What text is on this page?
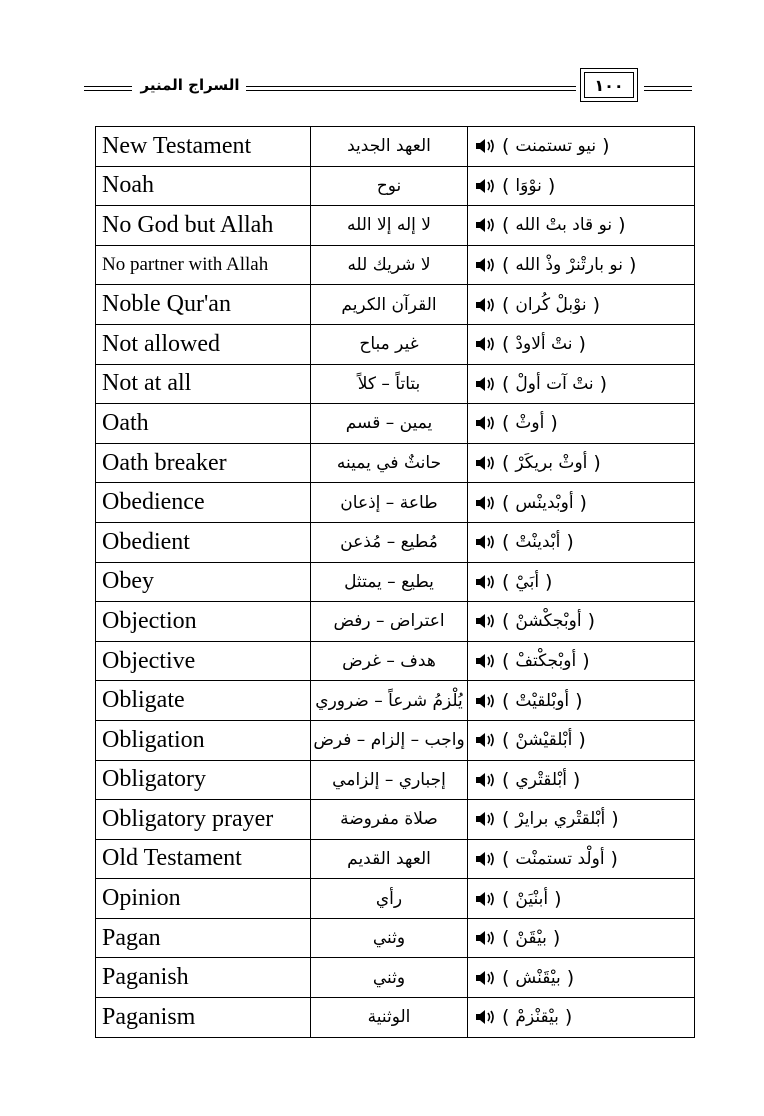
السراج المنير	١٠٠
New Testament	العهد الجديد	( نيو تستمنت )

Noah	نوح	( نوْوَا )

No God but Allah	لا إله إلا الله	( نو قاد بتْ الله )

No partner with Allah	لا شريك لله	( نو بارتْنرْ وذْ الله )

Noble Qur'an	القرآن الكريم	( نوْبلْ كُران )

Not allowed	غير مباح	( نتْ ألاودْ )

Not at all	بتاتاً – كلاً	( نتْ آت أولْ )

Oath	يمين – قسم	( أوثْ )

Oath breaker	حانثٌ في يمينه	( أوثْ بريكَرْ )

Obedience	طاعة – إذعان	( أوبْدينْس )

Obedient	مُطيع – مُذعن	( أبْدينْتْ )

Obey	يطيع – يمتثل	( أبَيْ )

Objection	اعتراض – رفض	( أوبْجكْشنْ )

Objective	هدف – غرض	( أوبْجكْتفْ )

Obligate	يُلْزمُ شرعاً – ضروري	( أوبْلقيْتْ )

Obligation	واجب – إلزام – فرض	( أبْلقيْشنْ )

Obligatory	إجباري – إلزامي	( أبْلقتْري )

Obligatory prayer	صلاة مفروضة	( أبْلقتْري برايرْ )

Old Testament	العهد القديم	( أولْد تستمنْت )

Opinion	رأي	( أبنْيَنْ )

Pagan	وثني	( بيْقَنْ )

Paganish	وثني	( بيْقَنْش )

Paganism	الوثنية	( بيْقنْزمْ )
